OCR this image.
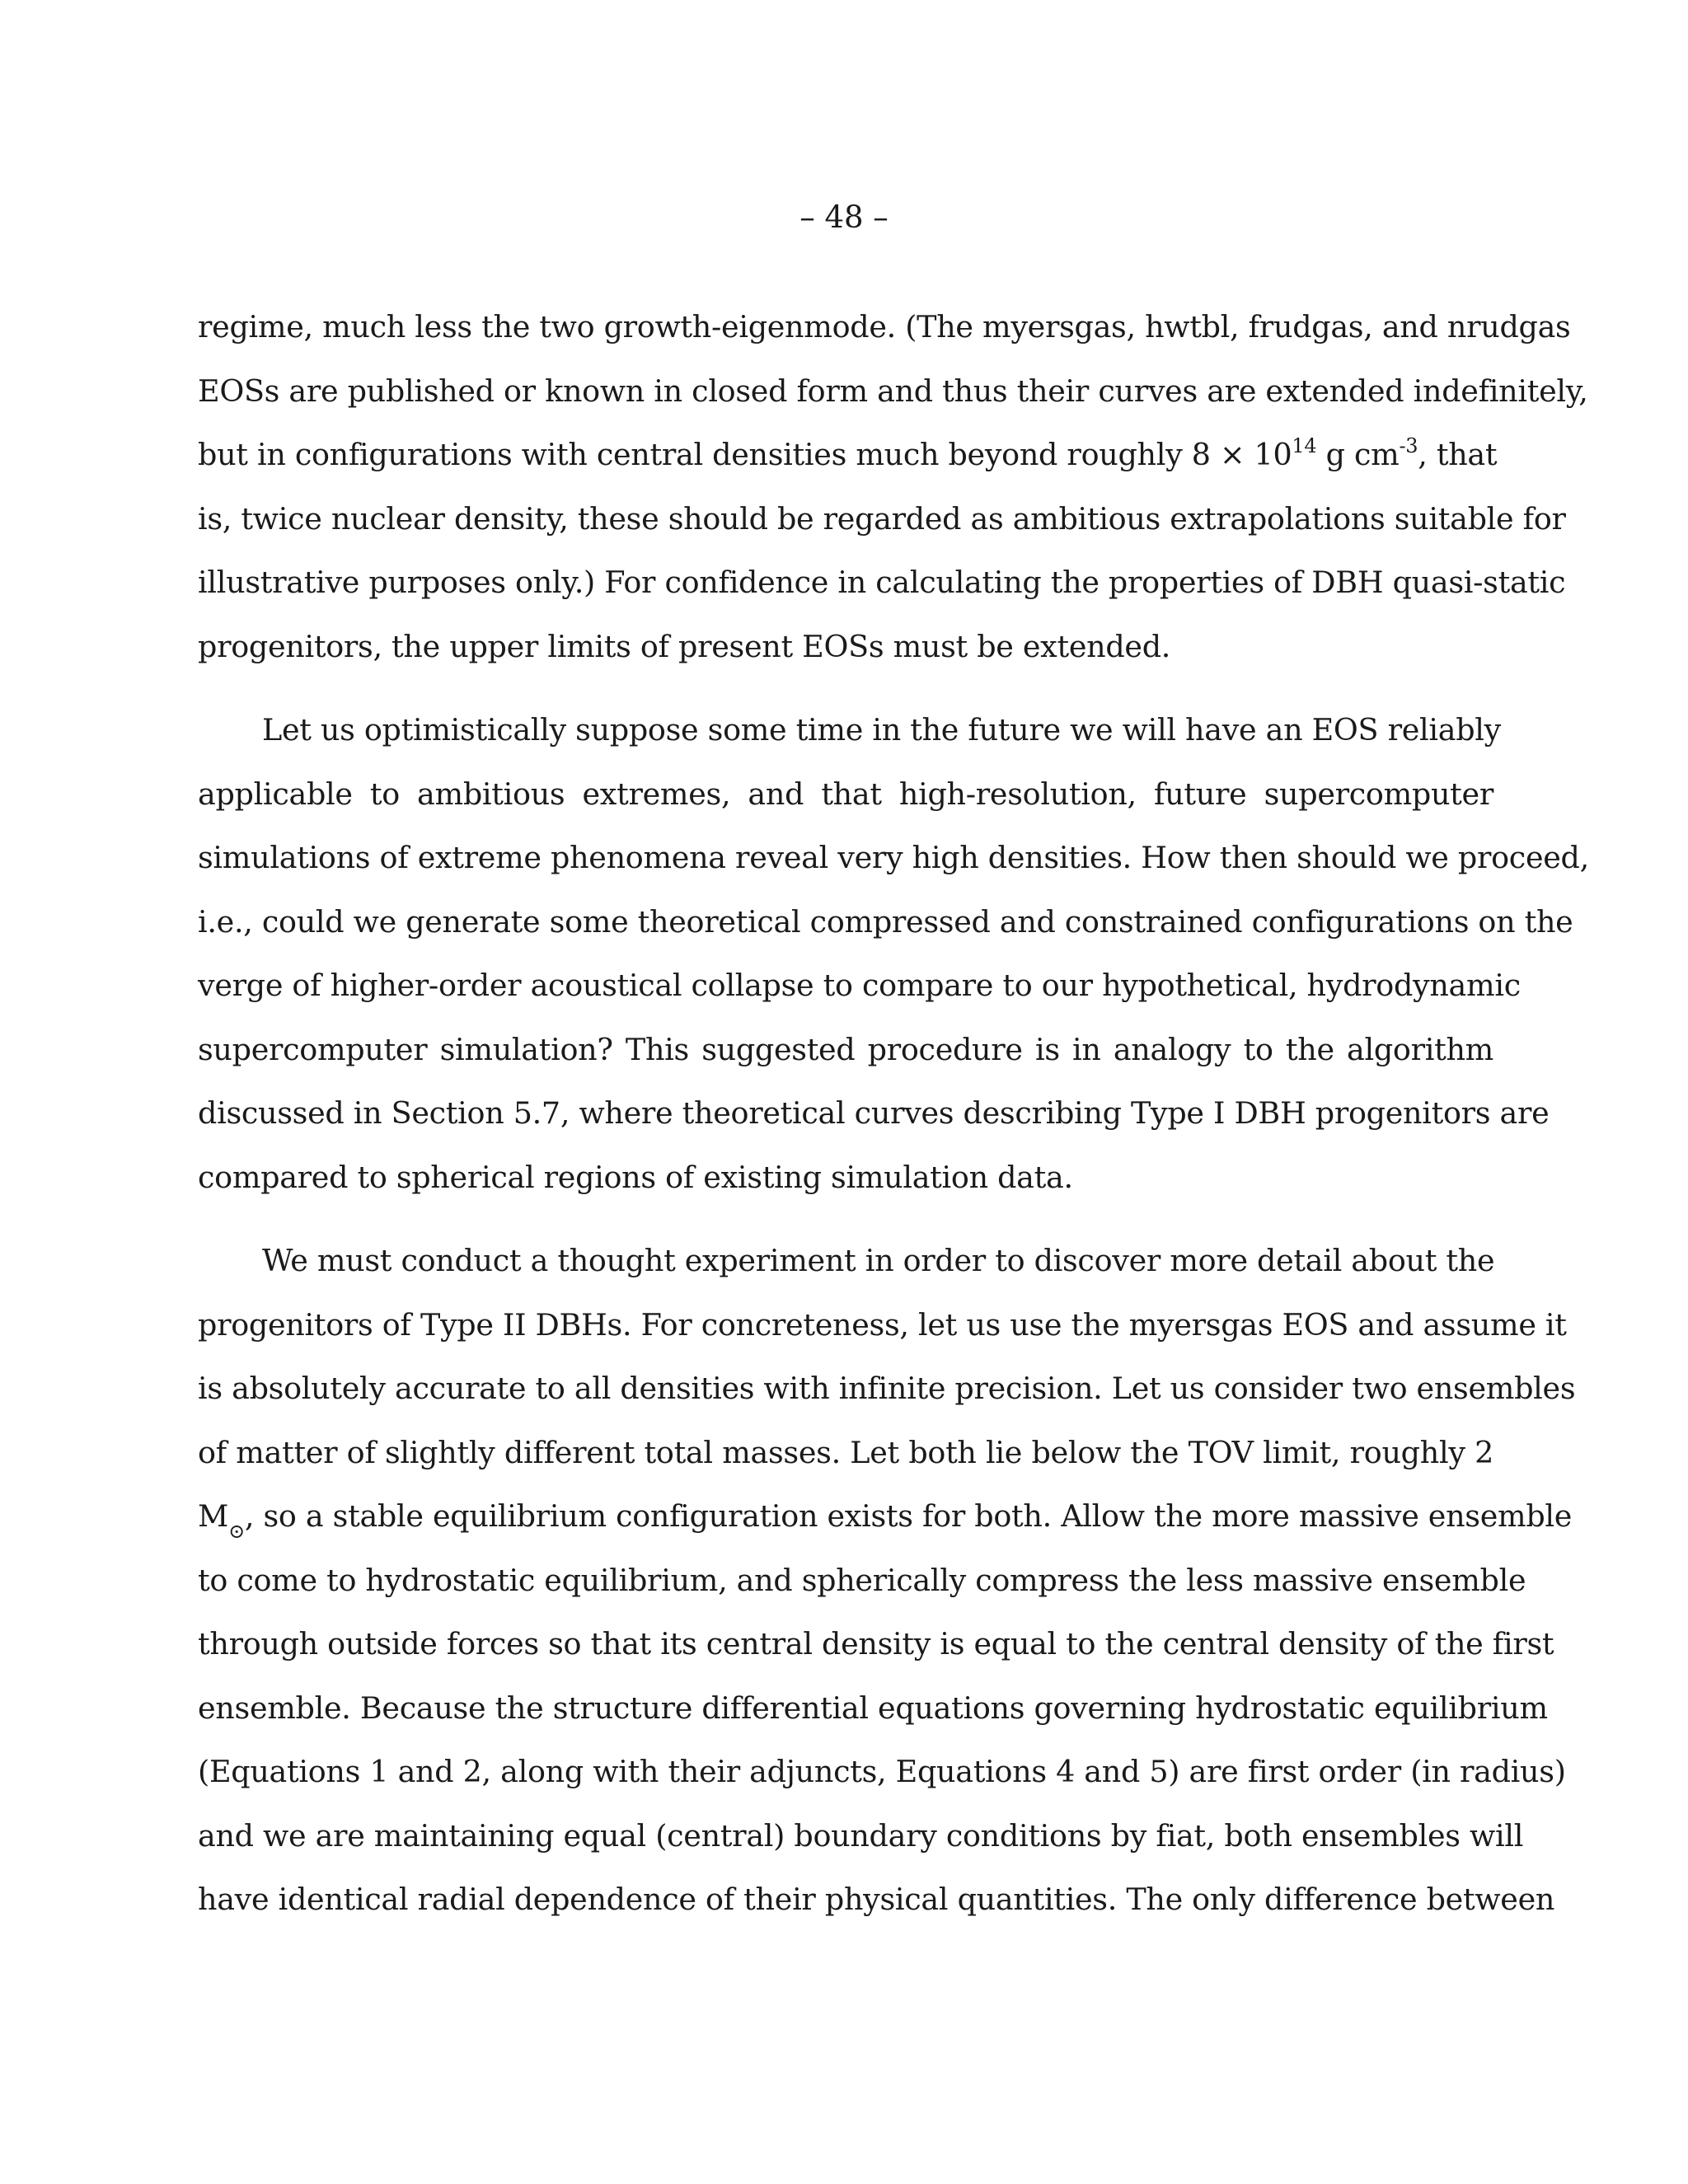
– 48 –

regime, much less the two growth-eigenmode. (The myersgas, hwtbl, frudgas, and nrudgas
EOSs are published or known in closed form and thus their curves are extended indefinitely,
but in configurations with central densities much beyond roughly $8 \times 10^{14}$ g $cm^{-3}$, that
is, twice nuclear density, these should be regarded as ambitious extrapolations suitable for
illustrative purposes only.) For confidence in calculating the properties of DBH quasi-static
progenitors, the upper limits of present EOSs must be extended.

Let us optimistically suppose some time in the future we will have an EOS reliably
applicable to ambitious extremes, and that high-resolution, future supercomputer
simulations of extreme phenomena reveal very high densities. How then should we proceed,
i.e., could we generate some theoretical compressed and constrained configurations on the
verge of higher-order acoustical collapse to compare to our hypothetical, hydrodynamic
supercomputer simulation? This suggested procedure is in analogy to the algorithm
discussed in Section 5.7, where theoretical curves describing Type I DBH progenitors are
compared to spherical regions of existing simulation data.

We must conduct a thought experiment in order to discover more detail about the
progenitors of Type II DBHs. For concreteness, let us use the myersgas EOS and assume it
is absolutely accurate to all densities with infinite precision. Let us consider two ensembles
of matter of slightly different total masses. Let both lie below the TOV limit, roughly 2
$M_⊙$, so a stable equilibrium configuration exists for both. Allow the more massive ensemble
to come to hydrostatic equilibrium, and spherically compress the less massive ensemble
through outside forces so that its central density is equal to the central density of the first
ensemble. Because the structure differential equations governing hydrostatic equilibrium
(Equations 1 and 2, along with their adjuncts, Equations 4 and 5) are first order (in radius)
and we are maintaining equal (central) boundary conditions by fiat, both ensembles will
have identical radial dependence of their physical quantities. The only difference between
